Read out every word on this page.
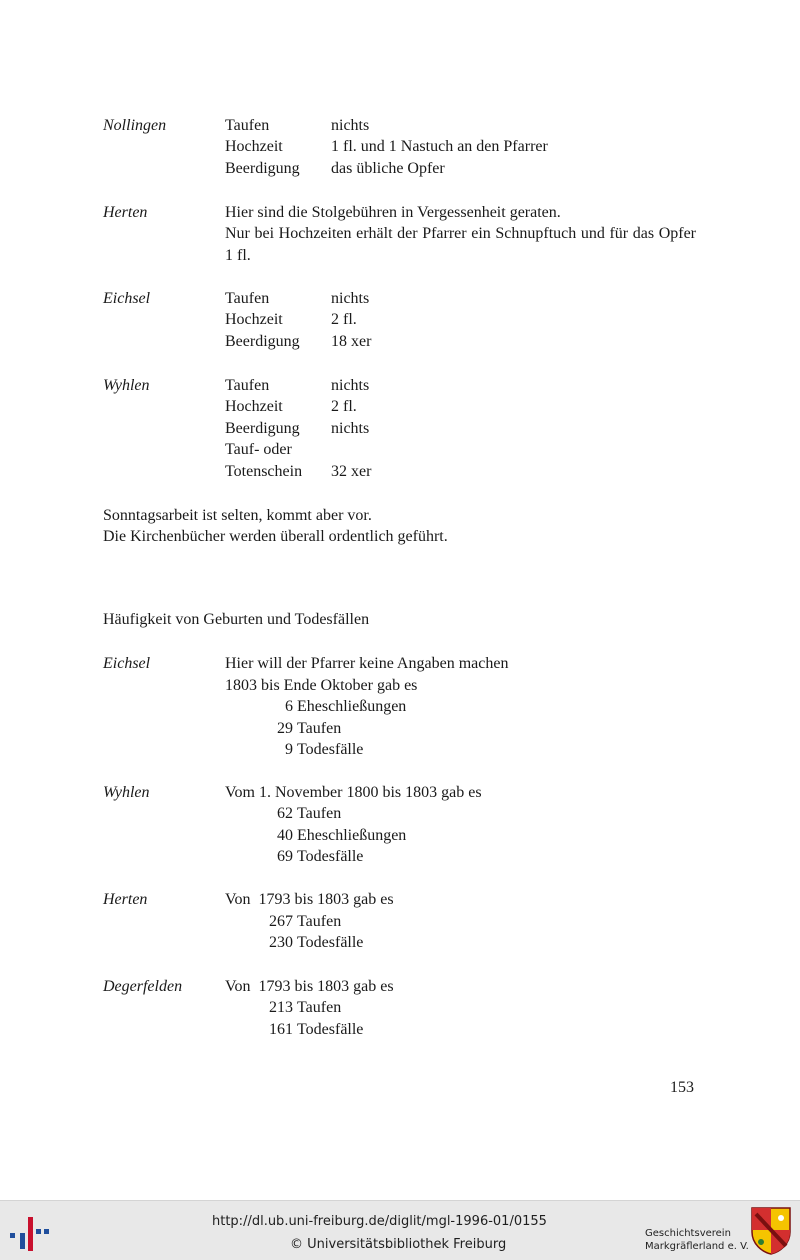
Nollingen	Taufen	nichts
Hochzeit	1 fl. und 1 Nastuch an den Pfarrer
Beerdigung das übliche Opfer
Herten	Hier sind die Stolgebühren in Vergessenheit geraten.
Nur bei Hochzeiten erhält der Pfarrer ein Schnupftuch und für das Opfer 1 fl.
Eichsel	Taufen	nichts
Hochzeit	2 fl.
Beerdigung 18 xer
Wyhlen	Taufen	nichts
Hochzeit	2 fl.
Beerdigung nichts
Tauf- oder
Totenschein 32 xer
Sonntagsarbeit ist selten, kommt aber vor.
Die Kirchenbücher werden überall ordentlich geführt.
Häufigkeit von Geburten und Todesfällen
Eichsel	Hier will der Pfarrer keine Angaben machen
1803 bis Ende Oktober gab es
6 Eheschließungen
29 Taufen
9 Todesfälle
Wyhlen	Vom 1. November 1800 bis 1803 gab es
62 Taufen
40 Eheschließungen
69 Todesfälle
Herten	Von  1793 bis 1803 gab es
267 Taufen
230 Todesfälle
Degerfelden	Von  1793 bis 1803 gab es
213 Taufen
161 Todesfälle
153
http://dl.ub.uni-freiburg.de/diglit/mgl-1996-01/0155
© Universitätsbibliothek Freiburg
Geschichtsverein
Markgräflerland e. V.
